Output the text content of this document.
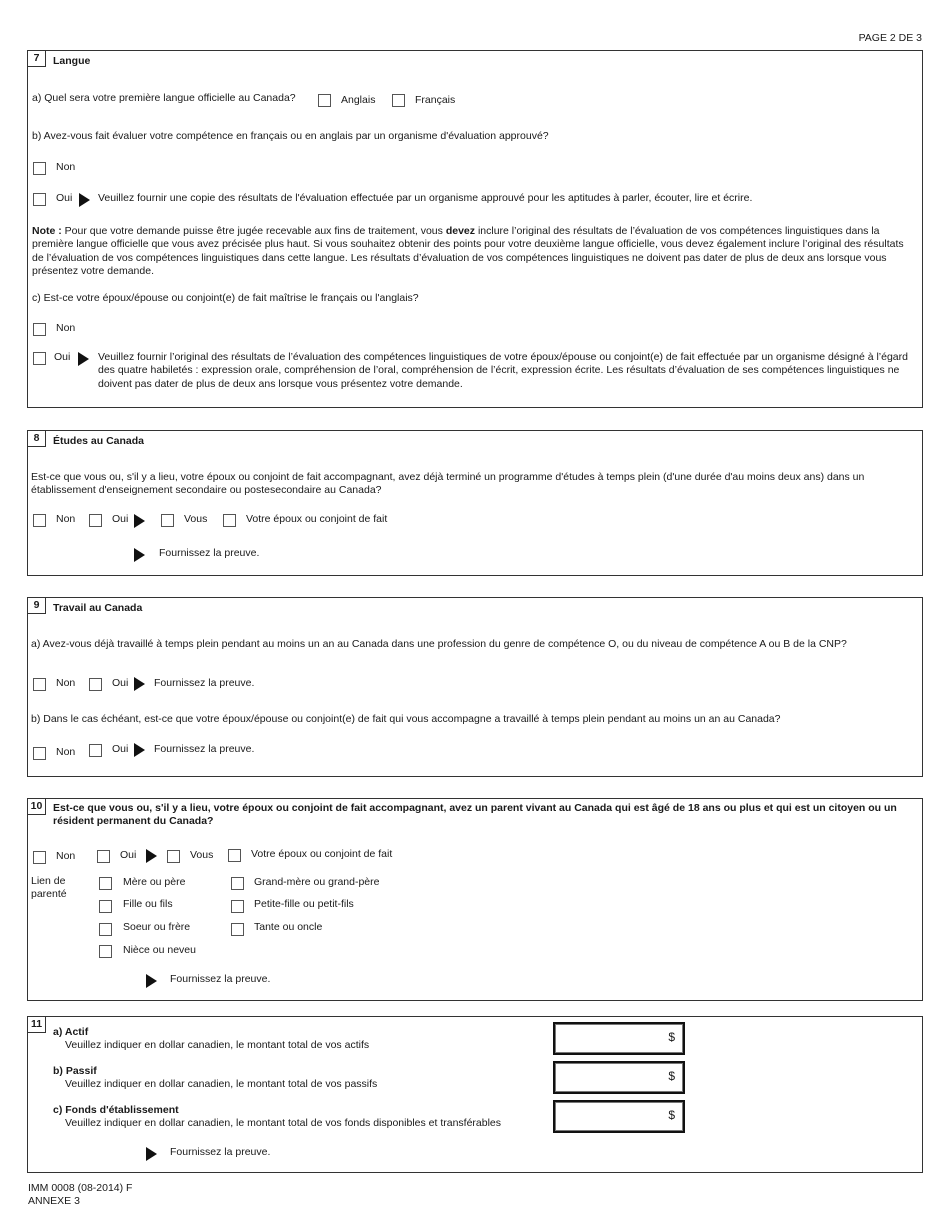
PAGE 2 DE 3
7	Langue
a) Quel sera votre première langue officielle au Canada?	Anglais	Français
b) Avez-vous fait évaluer votre compétence en français ou en anglais par un organisme d'évaluation approuvé?
Non
Oui Veuillez fournir une copie des résultats de l'évaluation effectuée par un organisme approuvé pour les aptitudes à parler, écouter, lire et écrire.
Note : Pour que votre demande puisse être jugée recevable aux fins de traitement, vous devez inclure l’original des résultats de l’évaluation de vos compétences linguistiques dans la première langue officielle que vous avez précisée plus haut. Si vous souhaitez obtenir des points pour votre deuxième langue officielle, vous devez également inclure l’original des résultats de l’évaluation de vos compétences linguistiques dans cette langue. Les résultats d’évaluation de vos compétences linguistiques ne doivent pas dater de plus de deux ans lorsque vous présentez votre demande.
c) Est-ce votre époux/épouse ou conjoint(e) de fait maîtrise le français ou l'anglais?
Non
Oui	Veuillez fournir l’original des résultats de l’évaluation des compétences linguistiques de votre époux/épouse ou conjoint(e) de fait effectuée par un organisme désigné à l’égard des quatre habiletés : expression orale, compréhension de l’oral, compréhension de l’écrit, expression écrite. Les résultats d’évaluation de ses compétences linguistiques ne doivent pas dater de plus de deux ans lorsque vous présentez votre demande.
8	Études au Canada
Est-ce que vous ou, s'il y a lieu, votre époux ou conjoint de fait accompagnant, avez déjà terminé un programme d'études à temps plein (d'une durée d'au moins deux ans) dans un établissement d'enseignement secondaire ou postesecondaire au Canada?
Non	Oui	Vous	Votre époux ou conjoint de fait
Fournissez la preuve.
9	Travail au Canada
a) Avez-vous déjà travaillé à temps plein pendant au moins un an au Canada dans une profession du genre de compétence O, ou du niveau de compétence A ou B de la CNP?
Non	Oui Fournissez la preuve.
b) Dans le cas échéant, est-ce que votre époux/épouse ou conjoint(e) de fait qui vous accompagne a travaillé à temps plein pendant au moins un an au Canada?
Non	Oui Fournissez la preuve.
10	Est-ce que vous ou, s'il y a lieu, votre époux ou conjoint de fait accompagnant, avez un parent vivant au Canada qui est âgé de 18 ans ou plus et qui est un citoyen ou un résident permanent du Canada?
Non	Oui	Vous	Votre époux ou conjoint de fait
Lien de parenté
Mère ou père	Grand-mère ou grand-père
Fille ou fils	Petite-fille ou petit-fils
Soeur ou frère	Tante ou oncle
Nièce ou neveu
Fournissez la preuve.
11
a) Actif
Veuillez indiquer en dollar canadien, le montant total de vos actifs
$
b) Passif
Veuillez indiquer en dollar canadien, le montant total de vos passifs
$
c) Fonds d'établissement
Veuillez indiquer en dollar canadien, le montant total de vos fonds disponibles et transférables
$
Fournissez la preuve.
IMM 0008 (08-2014) F
ANNEXE 3
